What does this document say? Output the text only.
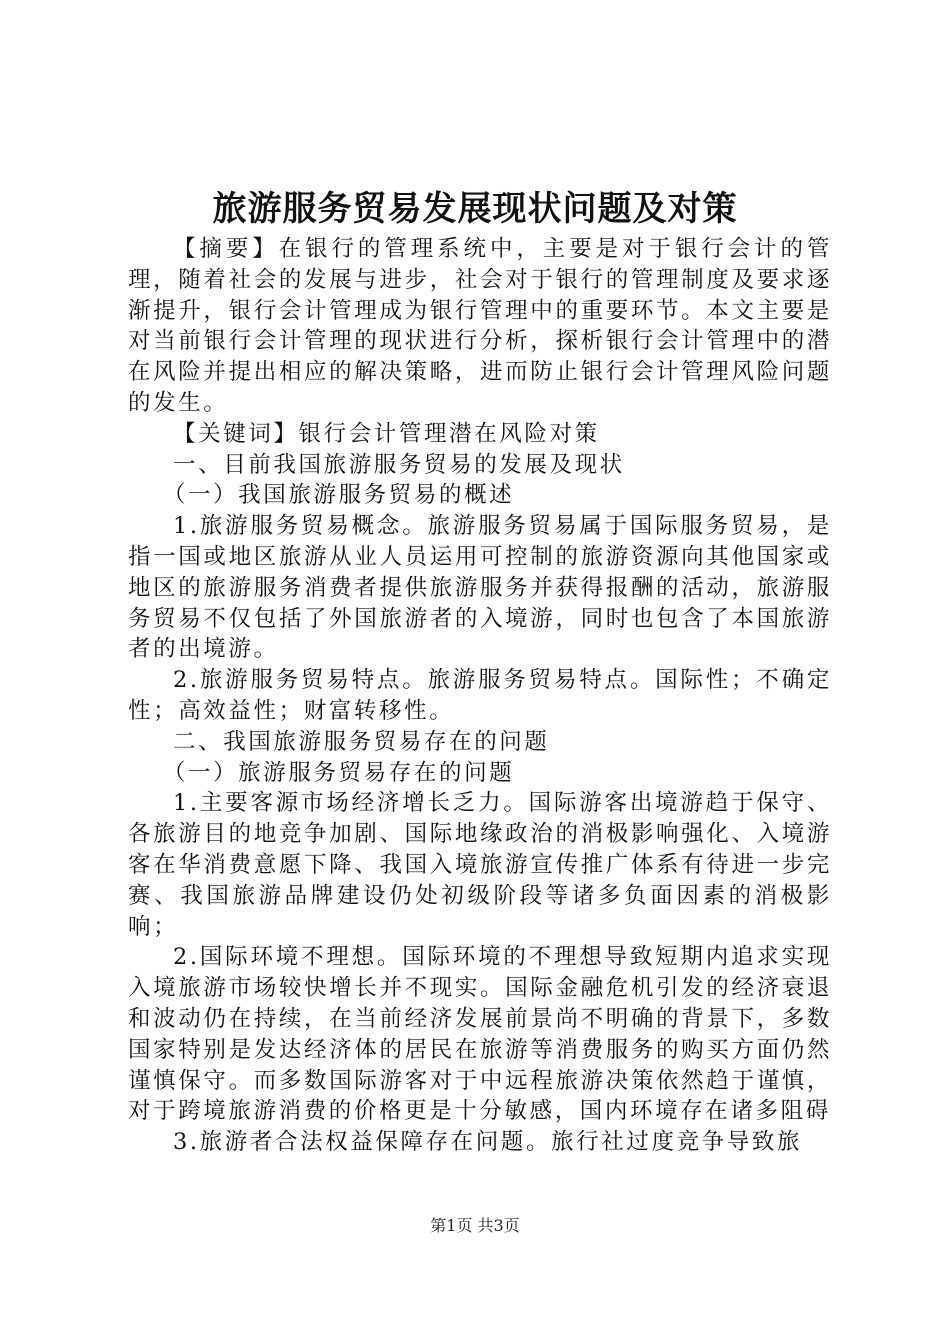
旅游服务贸易发展现状问题及对策

【摘要】在银行的管理系统中，主要是对于银行会计的管理，随着社会的发展与进步，社会对于银行的管理制度及要求逐渐提升，银行会计管理成为银行管理中的重要环节。本文主要是对当前银行会计管理的现状进行分析，探析银行会计管理中的潜在风险并提出相应的解决策略，进而防止银行会计管理风险问题的发生。

【关键词】银行会计管理潜在风险对策

一、目前我国旅游服务贸易的发展及现状

（一）我国旅游服务贸易的概述

1.旅游服务贸易概念。旅游服务贸易属于国际服务贸易，是指一国或地区旅游从业人员运用可控制的旅游资源向其他国家或地区的旅游服务消费者提供旅游服务并获得报酬的活动，旅游服务贸易不仅包括了外国旅游者的入境游，同时也包含了本国旅游者的出境游。

2.旅游服务贸易特点。旅游服务贸易特点。国际性；不确定性；高效益性；财富转移性。

二、我国旅游服务贸易存在的问题

（一）旅游服务贸易存在的问题

1.主要客源市场经济增长乏力。国际游客出境游趋于保守、各旅游目的地竞争加剧、国际地缘政治的消极影响强化、入境游客在华消费意愿下降、我国入境旅游宣传推广体系有待进一步完赛、我国旅游品牌建设仍处初级阶段等诸多负面因素的消极影响；

2.国际环境不理想。国际环境的不理想导致短期内追求实现入境旅游市场较快增长并不现实。国际金融危机引发的经济衰退和波动仍在持续，在当前经济发展前景尚不明确的背景下，多数国家特别是发达经济体的居民在旅游等消费服务的购买方面仍然谨慎保守。而多数国际游客对于中远程旅游决策依然趋于谨慎，对于跨境旅游消费的价格更是十分敏感，国内环境存在诸多阻碍

3.旅游者合法权益保障存在问题。旅行社过度竞争导致旅

第1页 共3页
